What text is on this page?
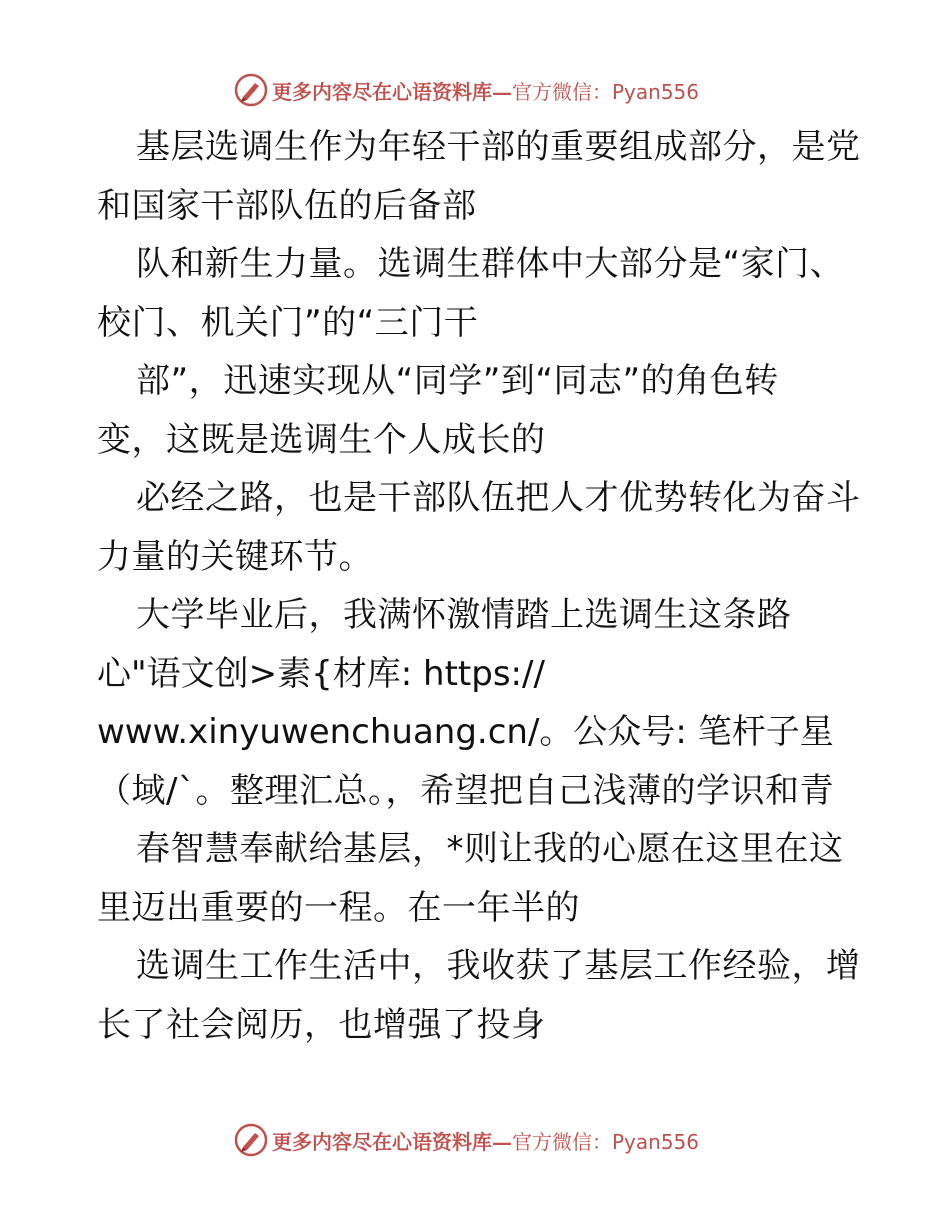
更多内容尽在心语资料库— 官方微信：Pyan556
基层选调生作为年轻干部的重要组成部分，是党
和国家干部队伍的后备部
队和新生力量。选调生群体中大部分是“家门、
校门、机关门”的“三门干
部”，迅速实现从“同学”到“同志”的角色转
变，这既是选调生个人成长的
必经之路，也是干部队伍把人才优势转化为奋斗
力量的关键环节。
大学毕业后，我满怀激情踏上选调生这条路
心"语文创>素{材库: https://
www.xinyuwenchuang.cn/。公众号: 笔杆子星
（域/`。整理汇总。，希望把自己浅薄的学识和青
春智慧奉献给基层，*则让我的心愿在这里在这
里迈出重要的一程。在一年半的
选调生工作生活中，我收获了基层工作经验，增
长了社会阅历，也增强了投身
更多内容尽在心语资料库— 官方微信：Pyan556
